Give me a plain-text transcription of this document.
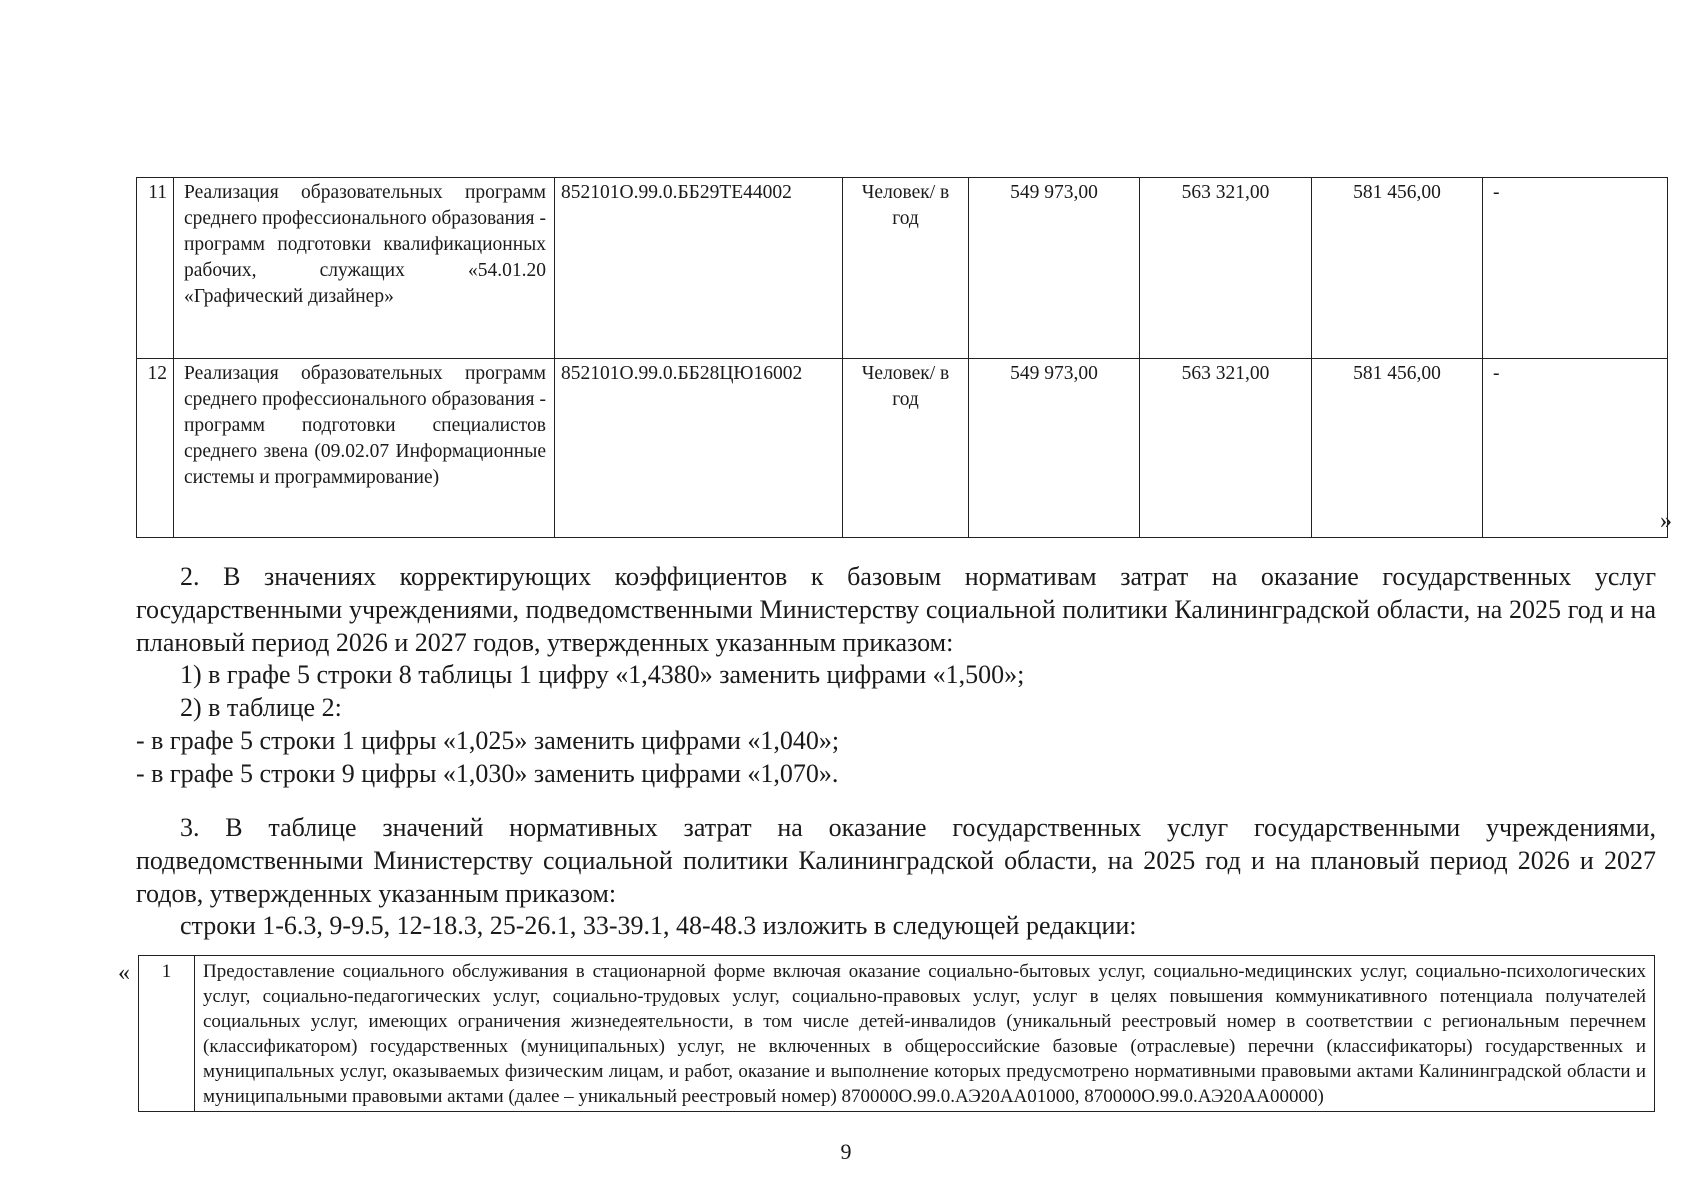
11	Реализация образовательных программ среднего профессионального образования - программ подготовки квалификационных рабочих, служащих «54.01.20 «Графический дизайнер»	852101О.99.0.ББ29ТЕ44002	Человек/ в год	549 973,00	563 321,00	581 456,00	-
12	Реализация образовательных программ среднего профессионального образования - программ подготовки специалистов среднего звена (09.02.07 Информационные системы и программирование)	852101О.99.0.ББ28ЦЮ16002	Человек/ в год	549 973,00	563 321,00	581 456,00	-
»

2. В значениях корректирующих коэффициентов к базовым нормативам затрат на оказание государственных услуг государственными учреждениями, подведомственными Министерству социальной политики Калининградской области, на 2025 год и на плановый период 2026 и 2027 годов, утвержденных указанным приказом:

1) в графе 5 строки 8 таблицы 1 цифру «1,4380» заменить цифрами «1,500»;

2) в таблице 2:

- в графе 5 строки 1 цифры «1,025» заменить цифрами «1,040»;

- в графе 5 строки 9 цифры «1,030» заменить цифрами «1,070».

3. В таблице значений нормативных затрат на оказание государственных услуг государственными учреждениями, подведомственными Министерству социальной политики Калининградской области, на 2025 год и на плановый период 2026 и 2027 годов, утвержденных указанным приказом:

строки 1-6.3, 9-9.5, 12-18.3, 25-26.1, 33-39.1, 48-48.3 изложить в следующей редакции:

« 1	Предоставление социального обслуживания в стационарной форме включая оказание социально-бытовых услуг, социально-медицинских услуг, социально-психологических услуг, социально-педагогических услуг, социально-трудовых услуг, социально-правовых услуг, услуг в целях повышения коммуникативного потенциала получателей социальных услуг, имеющих ограничения жизнедеятельности, в том числе детей-инвалидов (уникальный реестровый номер в соответствии с региональным перечнем (классификатором) государственных (муниципальных) услуг, не включенных в общероссийские базовые (отраслевые) перечни (классификаторы) государственных и муниципальных услуг, оказываемых физическим лицам, и работ, оказание и выполнение которых предусмотрено нормативными правовыми актами Калининградской области и муниципальными правовыми актами (далее – уникальный реестровый номер) 870000О.99.0.АЭ20АА01000, 870000О.99.0.АЭ20АА00000)
9
